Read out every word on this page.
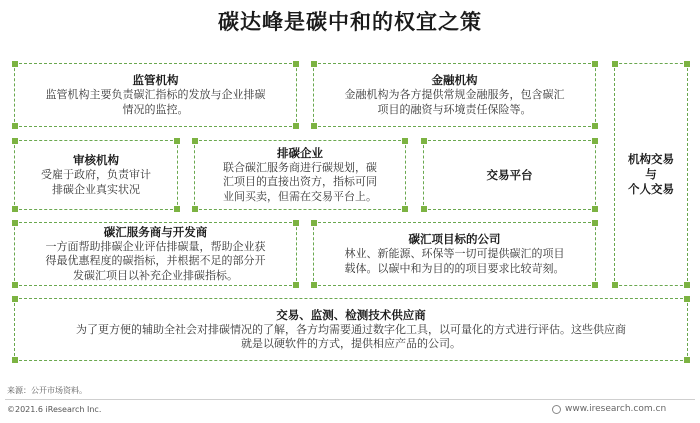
碳达峰是碳中和的权宜之策
监管机构
监管机构主要负责碳汇指标的发放与企业排碳
情况的监控。
金融机构
金融机构为各方提供常规金融服务，包含碳汇
项目的融资与环境责任保险等。
审核机构
受雇于政府，负责审计
排碳企业真实状况
排碳企业
联合碳汇服务商进行碳规划，碳
汇项目的直接出资方，指标可同
业间买卖，但需在交易平台上。
交易平台
机构交易
与
个人交易
碳汇服务商与开发商
一方面帮助排碳企业评估排碳量，帮助企业获
得最优惠程度的碳指标，并根据不足的部分开
发碳汇项目以补充企业排碳指标。
碳汇项目标的公司
林业、新能源、环保等一切可提供碳汇的项目
载体。以碳中和为目的的项目要求比较苛刻。
交易、监测、检测技术供应商
为了更方便的辅助全社会对排碳情况的了解，各方均需要通过数字化工具，以可量化的方式进行评估。这些供应商
就是以硬软件的方式，提供相应产品的公司。
来源：公开市场资料。
©2021.6 iResearch Inc.	www.iresearch.com.cn
